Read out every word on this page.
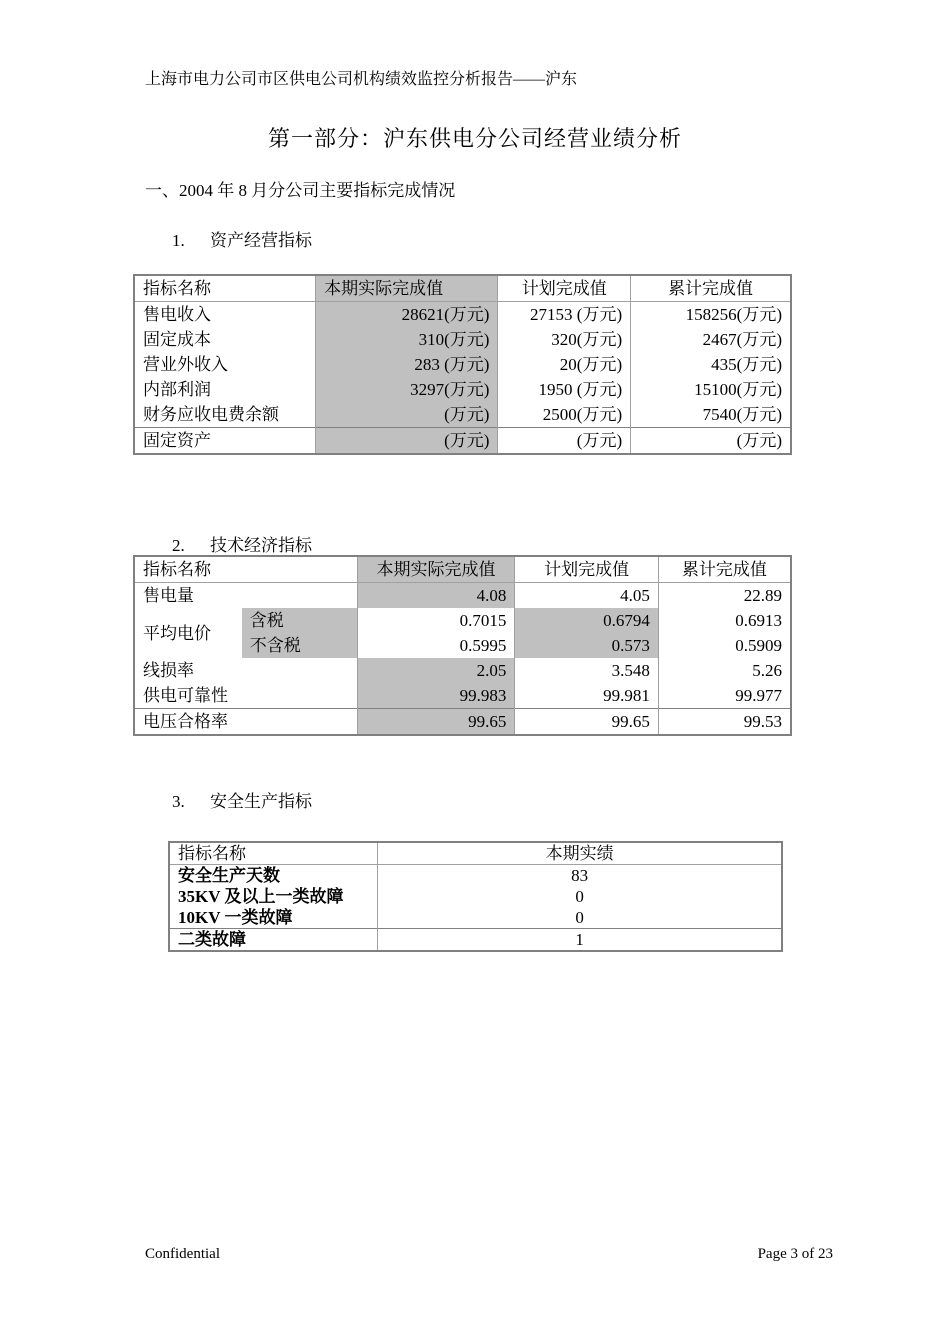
上海市电力公司市区供电公司机构绩效监控分析报告——沪东
第一部分：沪东供电分公司经营业绩分析
一、2004 年 8 月分公司主要指标完成情况
1. 资产经营指标
指标名称	本期实际完成值	计划完成值	累计完成值
售电收入	28621(万元)	27153 (万元)	158256(万元)
固定成本	310(万元)	320(万元)	2467(万元)
营业外收入	283 (万元)	20(万元)	435(万元)
内部利润	3297(万元)	1950 (万元)	15100(万元)
财务应收电费余额	(万元)	2500(万元)	7540(万元)
固定资产	(万元)	(万元)	(万元)
2. 技术经济指标
指标名称		本期实际完成值	计划完成值	累计完成值
售电量		4.08	4.05	22.89
平均电价	含税	0.7015	0.6794	0.6913
	不含税	0.5995	0.573	0.5909
线损率		2.05	3.548	5.26
供电可靠性		99.983	99.981	99.977
电压合格率		99.65	99.65	99.53
3. 安全生产指标
指标名称	本期实绩
安全生产天数	83
35KV 及以上一类故障	0
10KV 一类故障	0
二类故障	1
Confidential	Page 3 of 23
